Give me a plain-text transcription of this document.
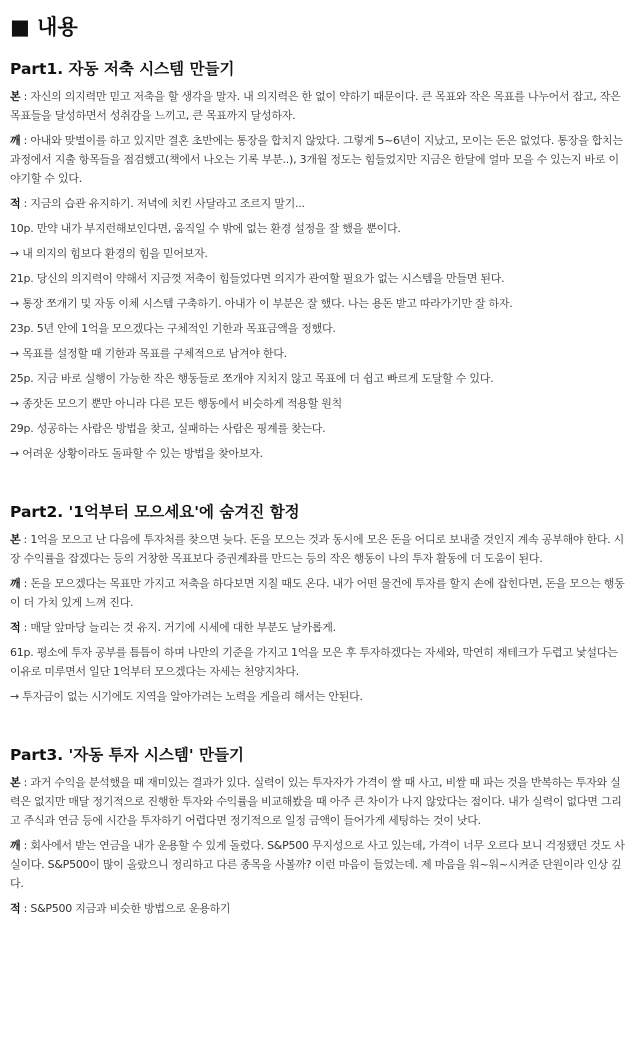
■ 내용
Part1. 자동 저축 시스템 만들기
본 : 자신의 의지력만 믿고 저축을 할 생각을 말자. 내 의지력은 한 없이 약하기 때문이다. 큰 목표와 작은 목표를 나누어서 잡고, 작은 목표들을 달성하면서 성취감을 느끼고, 큰 목표까지 달성하자.
깨 : 아내와 맞벌이를 하고 있지만 결혼 초반에는 통장을 합치지 않았다. 그렇게 5~6년이 지났고, 모이는 돈은 없었다. 통장을 합치는 과정에서 지출 항목들을 점검했고(책에서 나오는 기록 부분..), 3개월 정도는 힘들었지만 지금은 한달에 얼마 모을 수 있는지 바로 이야기할 수 있다.
적 : 지금의 습관 유지하기. 저녁에 치킨 사달라고 조르지 말기...
10p. 만약 내가 부지런해보인다면, 움직일 수 밖에 없는 환경 설정을 잘 했을 뿐이다.
→ 내 의지의 힘보다 환경의 힘을 믿어보자.
21p. 당신의 의지력이 약해서 지금껏 저축이 힘들었다면 의지가 관여할 필요가 없는 시스템을 만들면 된다.
→ 통장 쪼개기 및 자동 이체 시스템 구축하기. 아내가 이 부분은 잘 했다. 나는 용돈 받고 따라가기만 잘 하자.
23p. 5년 안에 1억을 모으겠다는 구체적인 기한과 목표금액을 정했다.
→ 목표를 설정할 때 기한과 목표를 구체적으로 남겨야 한다.
25p. 지금 바로 실행이 가능한 작은 행동들로 쪼개야 지치지 않고 목표에 더 쉽고 빠르게 도달할 수 있다.
→ 종잣돈 모으기 뿐만 아니라 다른 모든 행동에서 비슷하게 적용할 원칙
29p. 성공하는 사람은 방법을 찾고, 실패하는 사람은 핑계를 찾는다.
→ 어려운 상황이라도 돌파할 수 있는 방법을 찾아보자.
Part2. '1억부터 모으세요'에 숨겨진 함정
본 : 1억을 모으고 난 다음에 투자처를 찾으면 늦다. 돈을 모으는 것과 동시에 모은 돈을 어디로 보내줄 것인지 계속 공부해야 한다. 시장 수익률을 잡겠다는 등의 거창한 목표보다 증권계좌를 만드는 등의 작은 행동이 나의 투자 활동에 더 도움이 된다.
깨 : 돈을 모으겠다는 목표만 가지고 저축을 하다보면 지칠 때도 온다. 내가 어떤 물건에 투자를 할지 손에 잡힌다면, 돈을 모으는 행동이 더 가치 있게 느껴 진다.
적 : 매달 앞마당 늘리는 것 유지. 거기에 시세에 대한 부분도 날카롭게.
61p. 평소에 투자 공부를 틈틈이 하며 나만의 기준을 가지고 1억을 모은 후 투자하겠다는 자세와, 막연히 재테크가 두렵고 낯설다는 이유로 미루면서 일단 1억부터 모으겠다는 자세는 천양지차다.
→ 투자금이 없는 시기에도 지역을 알아가려는 노력을 게을리 해서는 안된다.
Part3. '자동 투자 시스템' 만들기
본 : 과거 수익을 분석했을 때 재미있는 결과가 있다. 실력이 있는 투자자가 가격이 쌀 때 사고, 비쌀 때 파는 것을 반복하는 투자와 실력은 없지만 매달 정기적으로 진행한 투자와 수익률을 비교해봤을 때 아주 큰 차이가 나지 않았다는 점이다. 내가 실력이 없다면 그리고 주식과 연금 등에 시간을 투자하기 어렵다면 정기적으로 일정 금액이 들어가게 세팅하는 것이 낫다.
깨 : 회사에서 받는 연금을 내가 운용할 수 있게 돌렸다. S&P500 무지성으로 사고 있는데, 가격이 너무 오르다 보니 걱정됐던 것도 사실이다. S&P500이 많이 올랐으니 정리하고 다른 종목을 사볼까? 이런 마음이 들었는데. 제 마음을 워~워~시켜준 단원이라 인상 깊다.
적 : S&P500 지금과 비슷한 방법으로 운용하기
